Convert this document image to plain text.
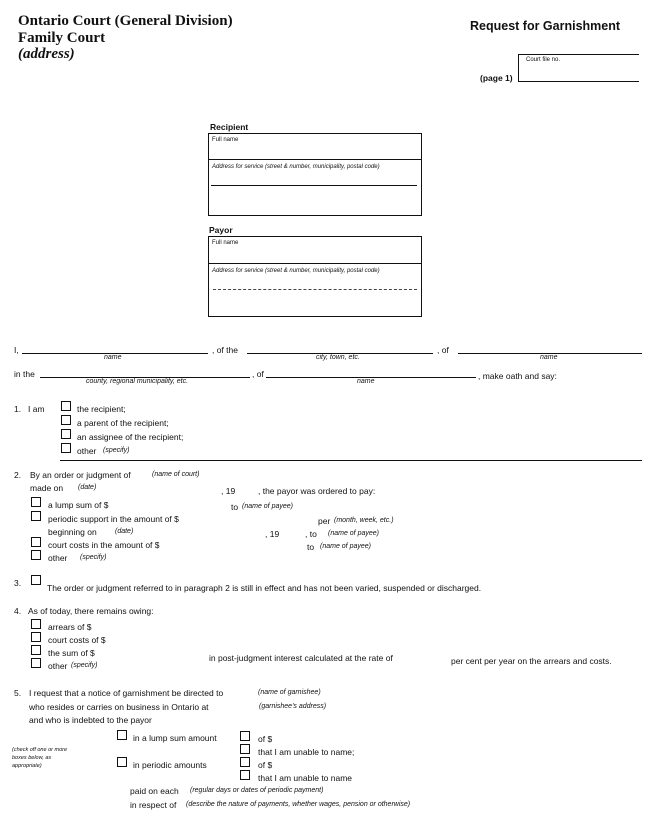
Ontario Court (General Division)
Family Court
(address)
Request for Garnishment
Court file no.
(page 1)
Recipient
Full name
Address for service (street & number, municipality, postal code)
Payor
Full name
Address for service (street & number, municipality, postal code)
I,
name
, of the
city, town, etc.
, of
name
in the
county, regional municipality, etc.
, of
name
, make oath and say:
1. I am	the recipient;
a parent of the recipient;
an assignee of the recipient;
other (specify)
2. By an order or judgment of	(name of court)
made on (date)	, 19	, the payor was ordered to pay:
a lump sum of $	to (name of payee)
periodic support in the amount of $	per (month, week, etc.)
beginning on	(date)	, 19	, to (name of payee)
court costs in the amount of $	to (name of payee)
other (specify)
3.	The order or judgment referred to in paragraph 2 is still in effect and has not been varied, suspended or discharged.
4. As of today, there remains owing:
arrears of $
court costs of $
the sum of $	in post-judgment interest calculated at the rate of	per cent per year on the arrears and costs.
other (specify)
5. I request that a notice of garnishment be directed to	(name of garnishee)
who resides or carries on business in Ontario at	(garnishee's address)
and who is indebted to the payor
(check off one or more boxes below, as appropriate)
in a lump sum amount	of $
that I am unable to name;
in periodic amounts	of $
that I am unable to name
paid on each (regular days or dates of periodic payment)
in respect of (describe the nature of payments, whether wages, pension or otherwise)
